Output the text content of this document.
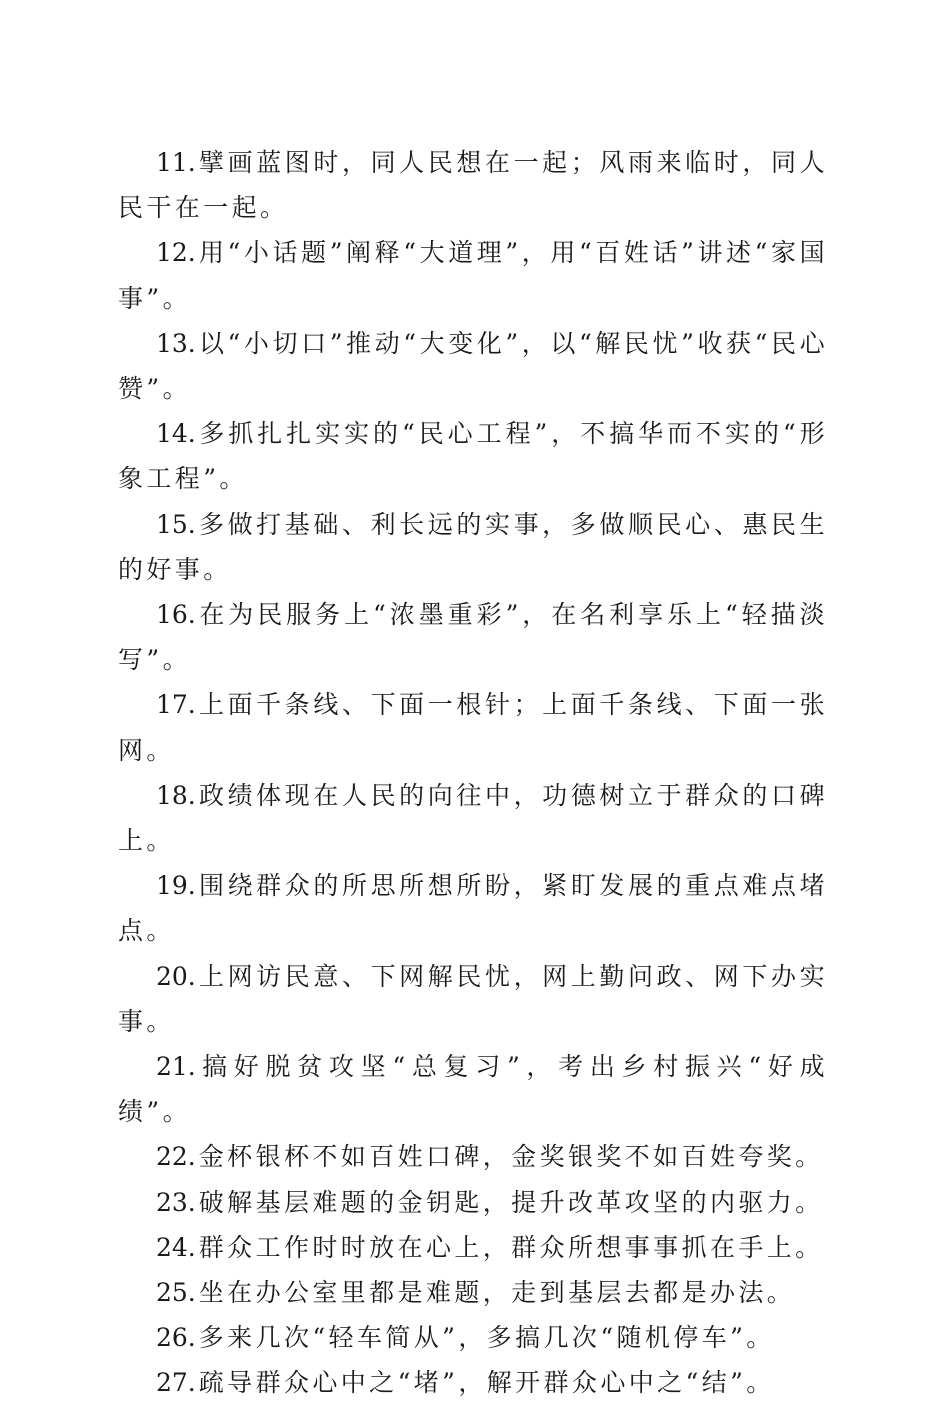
11. 擘画蓝图时，同人民想在一起；风雨来临时，同人民干在一起。

12. 用“小话题”阐释“大道理”，用“百姓话”讲述“家国事”。

13. 以“小切口”推动“大变化”，以“解民忧”收获“民心赞”。

14. 多抓扎扎实实的“民心工程”，不搞华而不实的“形象工程”。

15. 多做打基础、利长远的实事，多做顺民心、惠民生的好事。

16. 在为民服务上“浓墨重彩”，在名利享乐上“轻描淡写”。

17. 上面千条线、下面一根针；上面千条线、下面一张网。

18. 政绩体现在人民的向往中，功德树立于群众的口碑上。

19. 围绕群众的所思所想所盼，紧盯发展的重点难点堵点。

20. 上网访民意、下网解民忧，网上勤问政、网下办实事。

21. 搞好脱贫攻坚“总复习”，考出乡村振兴“好成绩”。

22. 金杯银杯不如百姓口碑，金奖银奖不如百姓夸奖。

23. 破解基层难题的金钥匙，提升改革攻坚的内驱力。

24. 群众工作时时放在心上，群众所想事事抓在手上。

25. 坐在办公室里都是难题，走到基层去都是办法。

26. 多来几次“轻车简从”，多搞几次“随机停车”。

27. 疏导群众心中之“堵”，解开群众心中之“结”。
